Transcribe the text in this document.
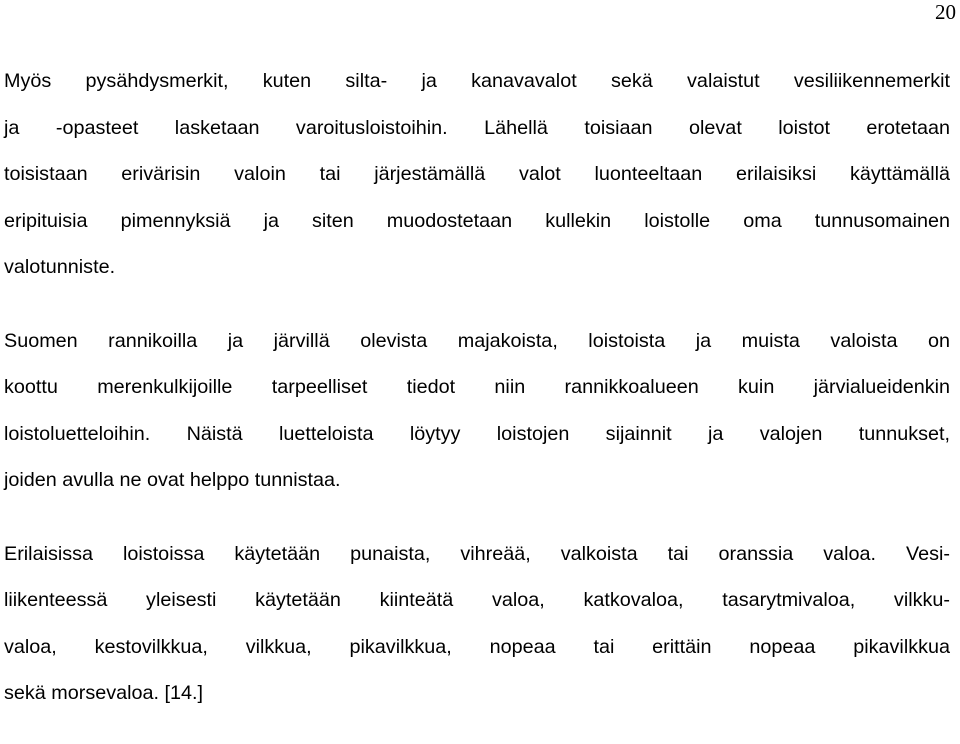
20

Myös pysähdysmerkit, kuten silta- ja kanavavalot sekä valaistut vesiliikennemerkit
ja -opasteet lasketaan varoitusloistoihin. Lähellä toisiaan olevat loistot erotetaan
toisistaan erivärisin valoin tai järjestämällä valot luonteeltaan erilaisiksi käyttämällä
eripituisia pimennyksiä ja siten muodostetaan kullekin loistolle oma tunnusomainen
valotunniste.

Suomen rannikoilla ja järvillä olevista majakoista, loistoista ja muista valoista on
koottu merenkulkijoille tarpeelliset tiedot niin rannikkoalueen kuin järvialueidenkin
loistoluetteloihin. Näistä luetteloista löytyy loistojen sijainnit ja valojen tunnukset,
joiden avulla ne ovat helppo tunnistaa.

Erilaisissa loistoissa käytetään punaista, vihreää, valkoista tai oranssia valoa. Vesi-
liikenteessä yleisesti käytetään kiinteätä valoa, katkovaloa, tasarytmivaloa, vilkku-
valoa, kestovilkkua, vilkkua, pikavilkkua, nopeaa tai erittäin nopeaa pikavilkkua
sekä morsevaloa. [14.]
